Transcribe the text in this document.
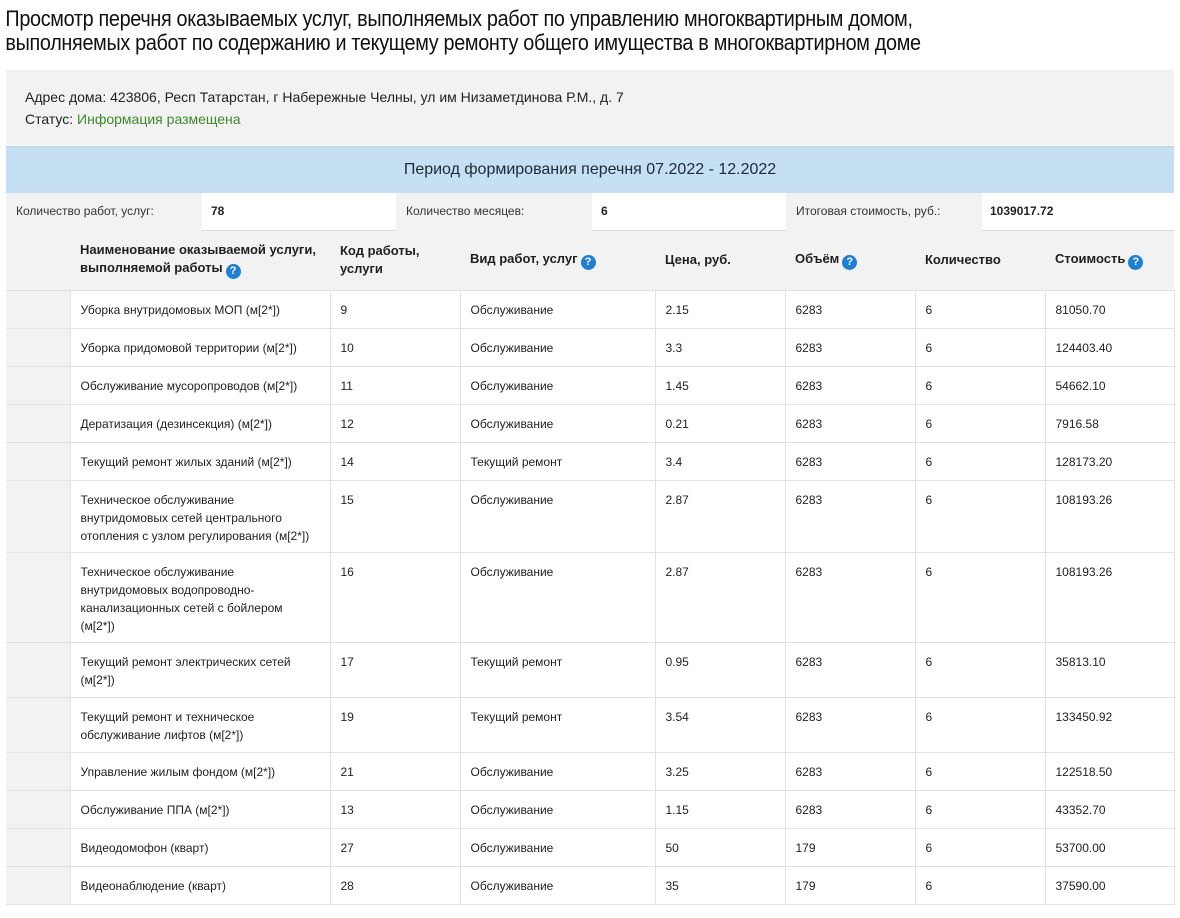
Просмотр перечня оказываемых услуг, выполняемых работ по управлению многоквартирным домом,
выполняемых работ по содержанию и текущему ремонту общего имущества в многоквартирном доме
Адрес дома: 423806, Респ Татарстан, г Набережные Челны, ул им Низаметдинова Р.М., д. 7
Статус: Информация размещена
Период формирования перечня 07.2022 - 12.2022
Количество работ, услуг:	78	Количество месяцев:	6	Итоговая стоимость, руб.:	1039017.72
	Наименование оказываемой услуги, выполняемой работы ?	Код работы, услуги	Вид работ, услуг ?	Цена, руб.	Объём ?	Количество	Стоимость ?
	Уборка внутридомовых МОП (м[2*])	9	Обслуживание	2.15	6283	6	81050.70
	Уборка придомовой территории (м[2*])	10	Обслуживание	3.3	6283	6	124403.40
	Обслуживание мусоропроводов (м[2*])	11	Обслуживание	1.45	6283	6	54662.10
	Дератизация (дезинсекция) (м[2*])	12	Обслуживание	0.21	6283	6	7916.58
	Текущий ремонт жилых зданий (м[2*])	14	Текущий ремонт	3.4	6283	6	128173.20
	Техническое обслуживание внутридомовых сетей центрального отопления с узлом регулирования (м[2*])	15	Обслуживание	2.87	6283	6	108193.26
	Техническое обслуживание внутридомовых водопроводно-канализационных сетей с бойлером (м[2*])	16	Обслуживание	2.87	6283	6	108193.26
	Текущий ремонт электрических сетей (м[2*])	17	Текущий ремонт	0.95	6283	6	35813.10
	Текущий ремонт и техническое обслуживание лифтов (м[2*])	19	Текущий ремонт	3.54	6283	6	133450.92
	Управление жилым фондом (м[2*])	21	Обслуживание	3.25	6283	6	122518.50
	Обслуживание ППА (м[2*])	13	Обслуживание	1.15	6283	6	43352.70
	Видеодомофон (кварт)	27	Обслуживание	50	179	6	53700.00
	Видеонаблюдение (кварт)	28	Обслуживание	35	179	6	37590.00
